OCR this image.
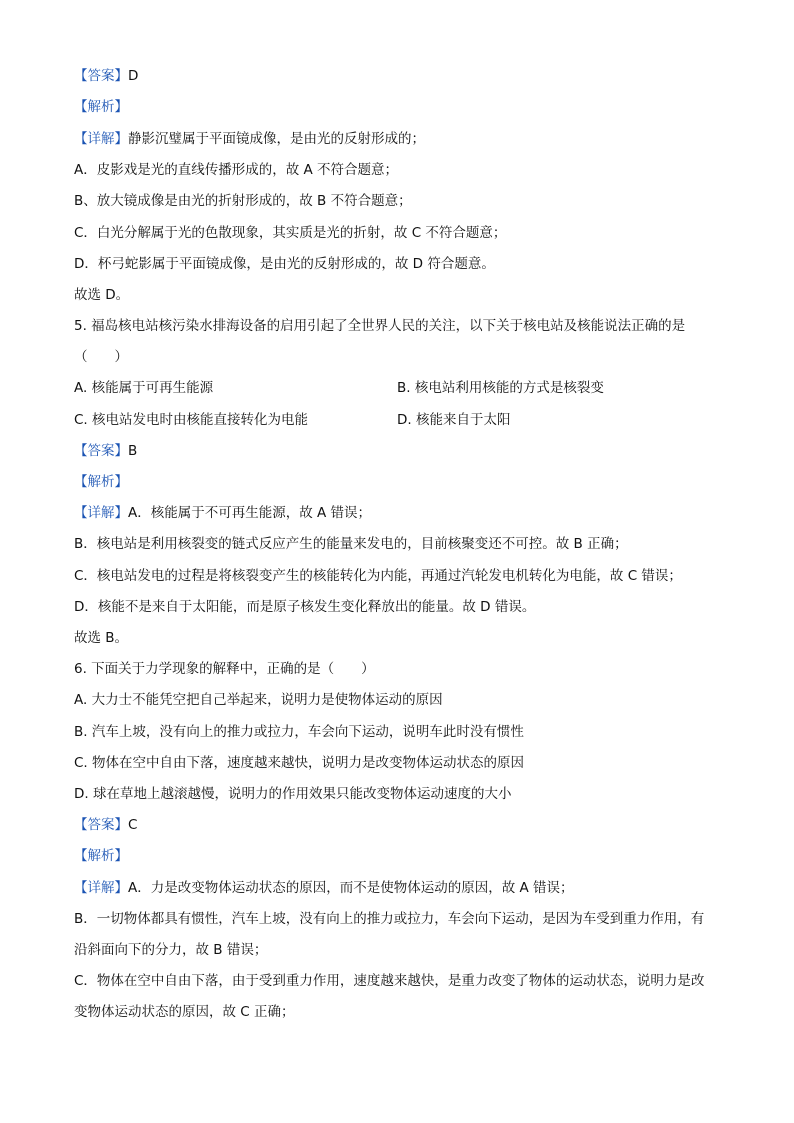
【答案】D
【解析】
【详解】静影沉璧属于平面镜成像，是由光的反射形成的；
A．皮影戏是光的直线传播形成的，故 A 不符合题意；
B、放大镜成像是由光的折射形成的，故 B 不符合题意；
C．白光分解属于光的色散现象，其实质是光的折射，故 C 不符合题意；
D．杯弓蛇影属于平面镜成像，是由光的反射形成的，故 D 符合题意。
故选 D。
5. 福岛核电站核污染水排海设备的启用引起了全世界人民的关注，以下关于核电站及核能说法正确的是
（　　）
A. 核能属于可再生能源	B. 核电站利用核能的方式是核裂变
C. 核电站发电时由核能直接转化为电能	D. 核能来自于太阳
【答案】B
【解析】
【详解】A．核能属于不可再生能源，故 A 错误；
B．核电站是利用核裂变的链式反应产生的能量来发电的，目前核聚变还不可控。故 B 正确；
C．核电站发电的过程是将核裂变产生的核能转化为内能，再通过汽轮发电机转化为电能，故 C 错误；
D．核能不是来自于太阳能，而是原子核发生变化释放出的能量。故 D 错误。
故选 B。
6. 下面关于力学现象的解释中，正确的是（　　）
A. 大力士不能凭空把自己举起来，说明力是使物体运动的原因
B. 汽车上坡，没有向上的推力或拉力，车会向下运动，说明车此时没有惯性
C. 物体在空中自由下落，速度越来越快，说明力是改变物体运动状态的原因
D. 球在草地上越滚越慢，说明力的作用效果只能改变物体运动速度的大小
【答案】C
【解析】
【详解】A．力是改变物体运动状态的原因，而不是使物体运动的原因，故 A 错误；
B．一切物体都具有惯性，汽车上坡，没有向上的推力或拉力，车会向下运动，是因为车受到重力作用，有
沿斜面向下的分力，故 B 错误；
C．物体在空中自由下落，由于受到重力作用，速度越来越快，是重力改变了物体的运动状态，说明力是改
变物体运动状态的原因，故 C 正确；
